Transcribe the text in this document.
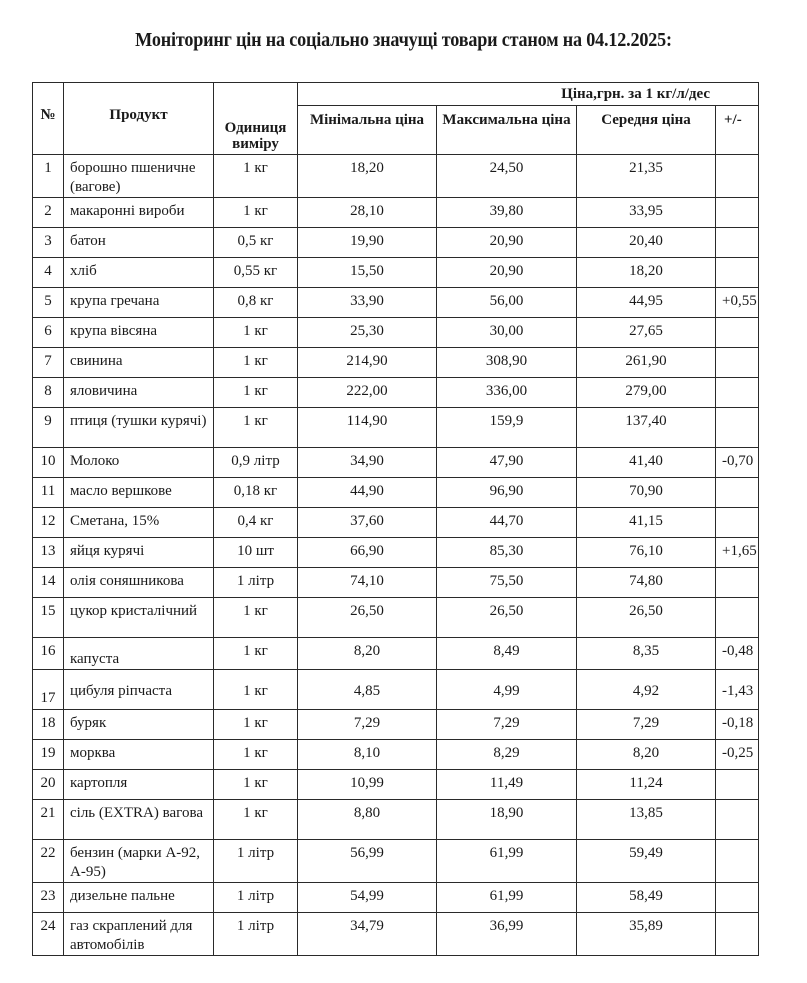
Моніторинг цін на соціально значущі товари станом на 04.12.2025:
№	Продукт	Одиниця виміру	Ціна,грн. за 1 кг/л/дес			
			Мінімальна ціна	Максимальна ціна	Середня ціна	+/-
1	борошно пшеничне (вагове)	1 кг	18,20	24,50	21,35	
2	макаронні вироби	1 кг	28,10	39,80	33,95	
3	батон	0,5 кг	19,90	20,90	20,40	
4	хліб	0,55 кг	15,50	20,90	18,20	
5	крупа гречана	0,8 кг	33,90	56,00	44,95	+0,55
6	крупа вівсяна	1 кг	25,30	30,00	27,65	
7	свинина	1 кг	214,90	308,90	261,90	
8	яловичина	1 кг	222,00	336,00	279,00	
9	птиця (тушки курячі)	1 кг	114,90	159,9	137,40	
10	Молоко	0,9 літр	34,90	47,90	41,40	-0,70
11	масло вершкове	0,18 кг	44,90	96,90	70,90	
12	Сметана, 15%	0,4 кг	37,60	44,70	41,15	
13	яйця курячі	10 шт	66,90	85,30	76,10	+1,65
14	олія соняшникова	1 літр	74,10	75,50	74,80	
15	цукор кристалічний	1 кг	26,50	26,50	26,50	
16	капуста	1 кг	8,20	8,49	8,35	-0,48
17	цибуля ріпчаста	1 кг	4,85	4,99	4,92	-1,43
18	буряк	1 кг	7,29	7,29	7,29	-0,18
19	морква	1 кг	8,10	8,29	8,20	-0,25
20	картопля	1 кг	10,99	11,49	11,24	
21	сіль (EXTRA) вагова	1 кг	8,80	18,90	13,85	
22	бензин (марки А-92, А-95)	1 літр	56,99	61,99	59,49	
23	дизельне пальне	1 літр	54,99	61,99	58,49	
24	газ скраплений для автомобілів	1 літр	34,79	36,99	35,89	
